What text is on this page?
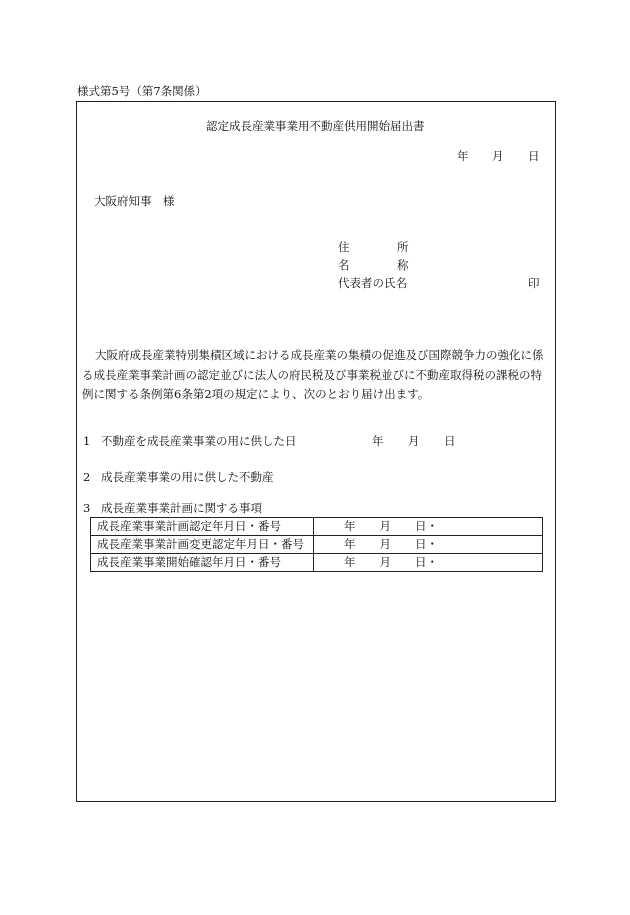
様式第5号（第7条関係）
認定成長産業事業用不動産供用開始届出書
年 月 日
大阪府知事　様
住	所
名	称
代表者の氏名	印
大阪府成長産業特別集積区域における成長産業の集積の促進及び国際競争力の強化に係る成長産業事業計画の認定並びに法人の府民税及び事業税並びに不動産取得税の課税の特例に関する条例第6条第2項の規定により、次のとおり届け出ます。
1 不動産を成長産業事業の用に供した日	年 月 日
2 成長産業事業の用に供した不動産
3 成長産業事業計画に関する事項
成長産業事業計画認定年月日・番号	年 月 日・
成長産業事業計画変更認定年月日・番号	年 月 日・
成長産業事業開始確認年月日・番号	年 月 日・
